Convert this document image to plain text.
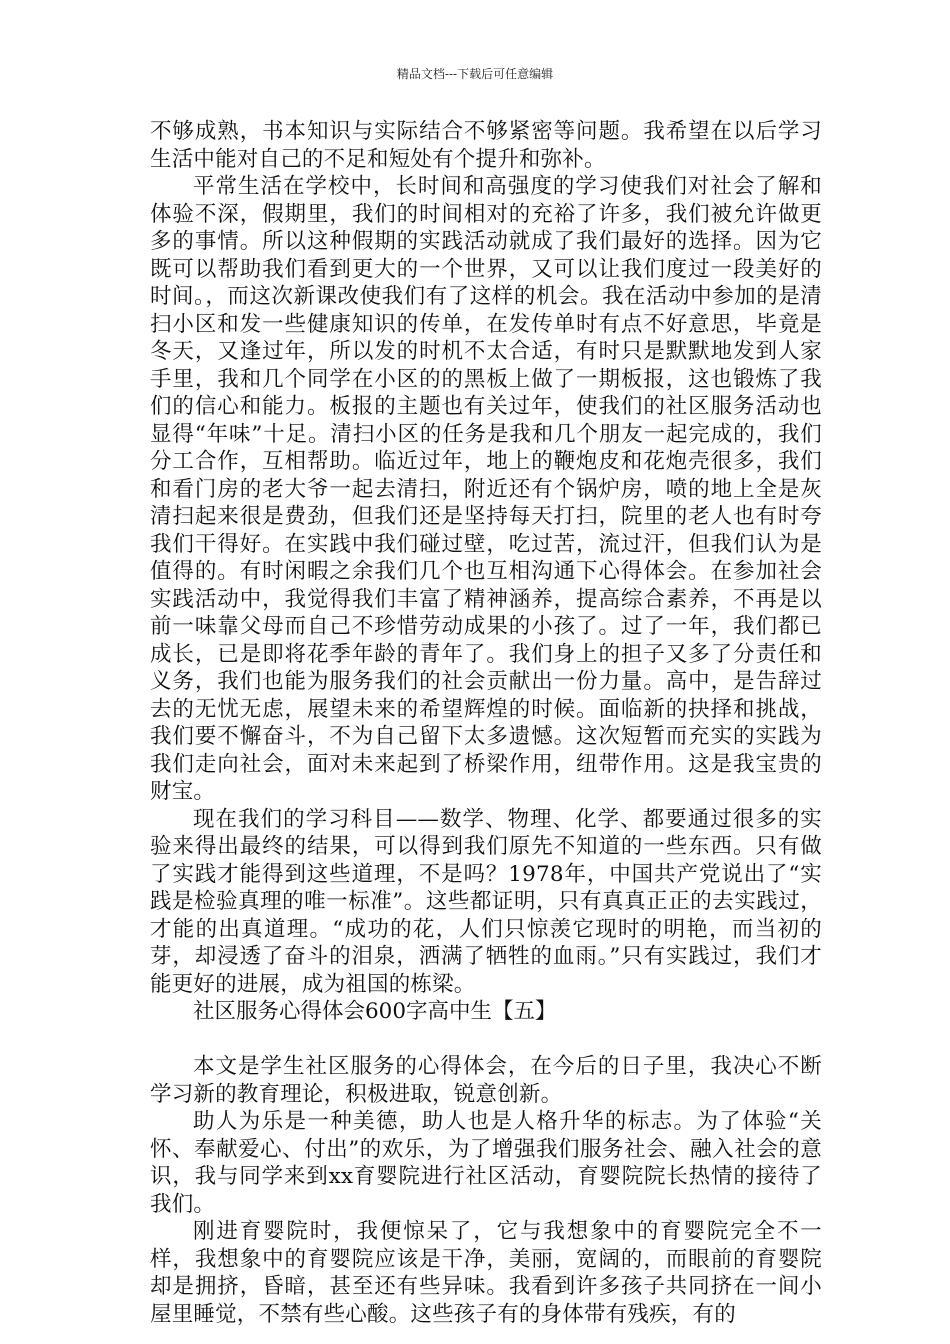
精品文档---下载后可任意编辑

不够成熟，书本知识与实际结合不够紧密等问题。我希望在以后学习生活中能对自己的不足和短处有个提升和弥补。

平常生活在学校中，长时间和高强度的学习使我们对社会了解和体验不深，假期里，我们的时间相对的充裕了许多，我们被允许做更多的事情。所以这种假期的实践活动就成了我们最好的选择。因为它既可以帮助我们看到更大的一个世界，又可以让我们度过一段美好的时间。，而这次新课改使我们有了这样的机会。我在活动中参加的是清扫小区和发一些健康知识的传单，在发传单时有点不好意思，毕竟是冬天，又逢过年，所以发的时机不太合适，有时只是默默地发到人家手里，我和几个同学在小区的的黑板上做了一期板报，这也锻炼了我们的信心和能力。板报的主题也有关过年，使我们的社区服务活动也显得“年味”十足。清扫小区的任务是我和几个朋友一起完成的，我们分工合作，互相帮助。临近过年，地上的鞭炮皮和花炮壳很多，我们和看门房的老大爷一起去清扫，附近还有个锅炉房，喷的地上全是灰清扫起来很是费劲，但我们还是坚持每天打扫，院里的老人也有时夸我们干得好。在实践中我们碰过壁，吃过苦，流过汗，但我们认为是值得的。有时闲暇之余我们几个也互相沟通下心得体会。在参加社会实践活动中，我觉得我们丰富了精神涵养，提高综合素养，不再是以前一味靠父母而自己不珍惜劳动成果的小孩了。过了一年，我们都已成长，已是即将花季年龄的青年了。我们身上的担子又多了分责任和义务，我们也能为服务我们的社会贡献出一份力量。高中，是告辞过去的无忧无虑，展望未来的希望辉煌的时候。面临新的抉择和挑战，我们要不懈奋斗，不为自己留下太多遗憾。这次短暂而充实的实践为我们走向社会，面对未来起到了桥梁作用，纽带作用。这是我宝贵的财宝。

现在我们的学习科目——数学、物理、化学、都要通过很多的实验来得出最终的结果，可以得到我们原先不知道的一些东西。只有做了实践才能得到这些道理，不是吗？1978年，中国共产党说出了“实践是检验真理的唯一标准”。这些都证明，只有真真正正的去实践过，才能的出真道理。“成功的花，人们只惊羡它现时的明艳，而当初的芽，却浸透了奋斗的泪泉，洒满了牺牲的血雨。”只有实践过，我们才能更好的进展，成为祖国的栋梁。

社区服务心得体会600字高中生【五】

本文是学生社区服务的心得体会，在今后的日子里，我决心不断学习新的教育理论，积极进取，锐意创新。

助人为乐是一种美德，助人也是人格升华的标志。为了体验“关怀、奉献爱心、付出”的欢乐，为了增强我们服务社会、融入社会的意识，我与同学来到xx育婴院进行社区活动，育婴院院长热情的接待了我们。

刚进育婴院时，我便惊呆了，它与我想象中的育婴院完全不一样，我想象中的育婴院应该是干净，美丽，宽阔的，而眼前的育婴院却是拥挤，昏暗，甚至还有些异味。我看到许多孩子共同挤在一间小屋里睡觉，不禁有些心酸。这些孩子有的身体带有残疾，有的
